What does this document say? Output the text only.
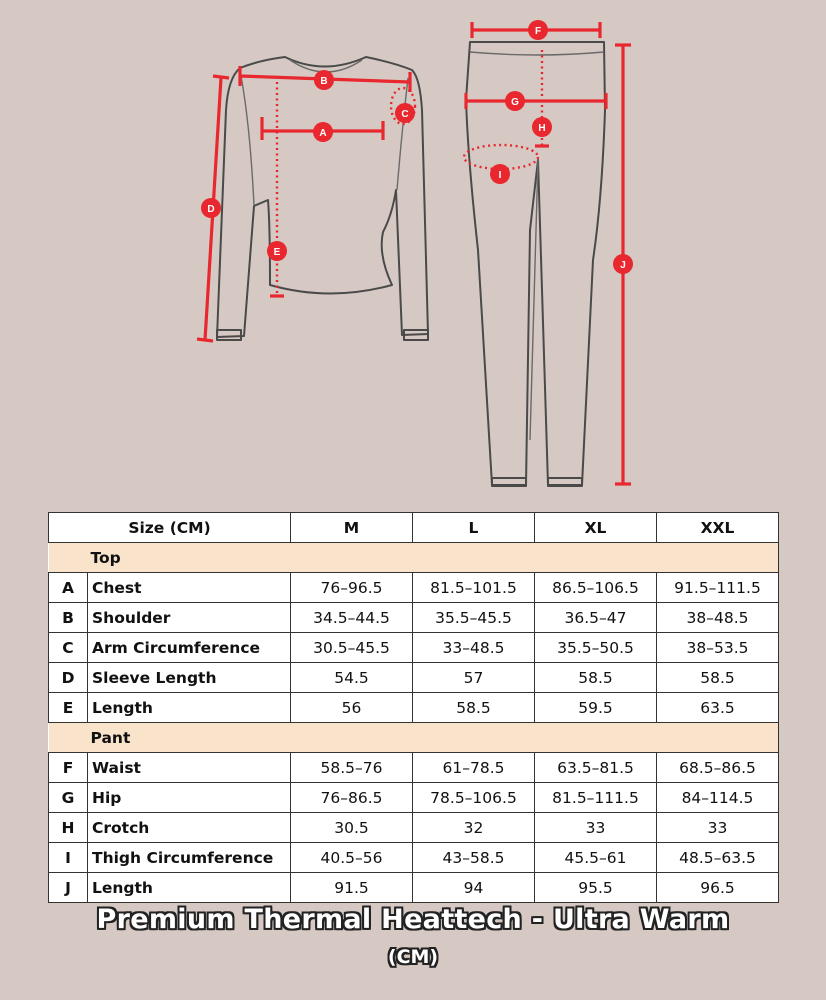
A
B
C
D
E
F
G
H
I
J
Size (CM)		M	L	XL	XXL
Top					
A	Chest	76–96.5	81.5–101.5	86.5–106.5	91.5–111.5
B	Shoulder	34.5–44.5	35.5–45.5	36.5–47	38–48.5
C	Arm Circumference	30.5–45.5	33–48.5	35.5–50.5	38–53.5
D	Sleeve Length	54.5	57	58.5	58.5
E	Length	56	58.5	59.5	63.5
Pant					
F	Waist	58.5–76	61–78.5	63.5–81.5	68.5–86.5
G	Hip	76–86.5	78.5–106.5	81.5–111.5	84–114.5
H	Crotch	30.5	32	33	33
I	Thigh Circumference	40.5–56	43–58.5	45.5–61	48.5–63.5
J	Length	91.5	94	95.5	96.5
Premium Thermal Heattech - Ultra Warm
(CM)
